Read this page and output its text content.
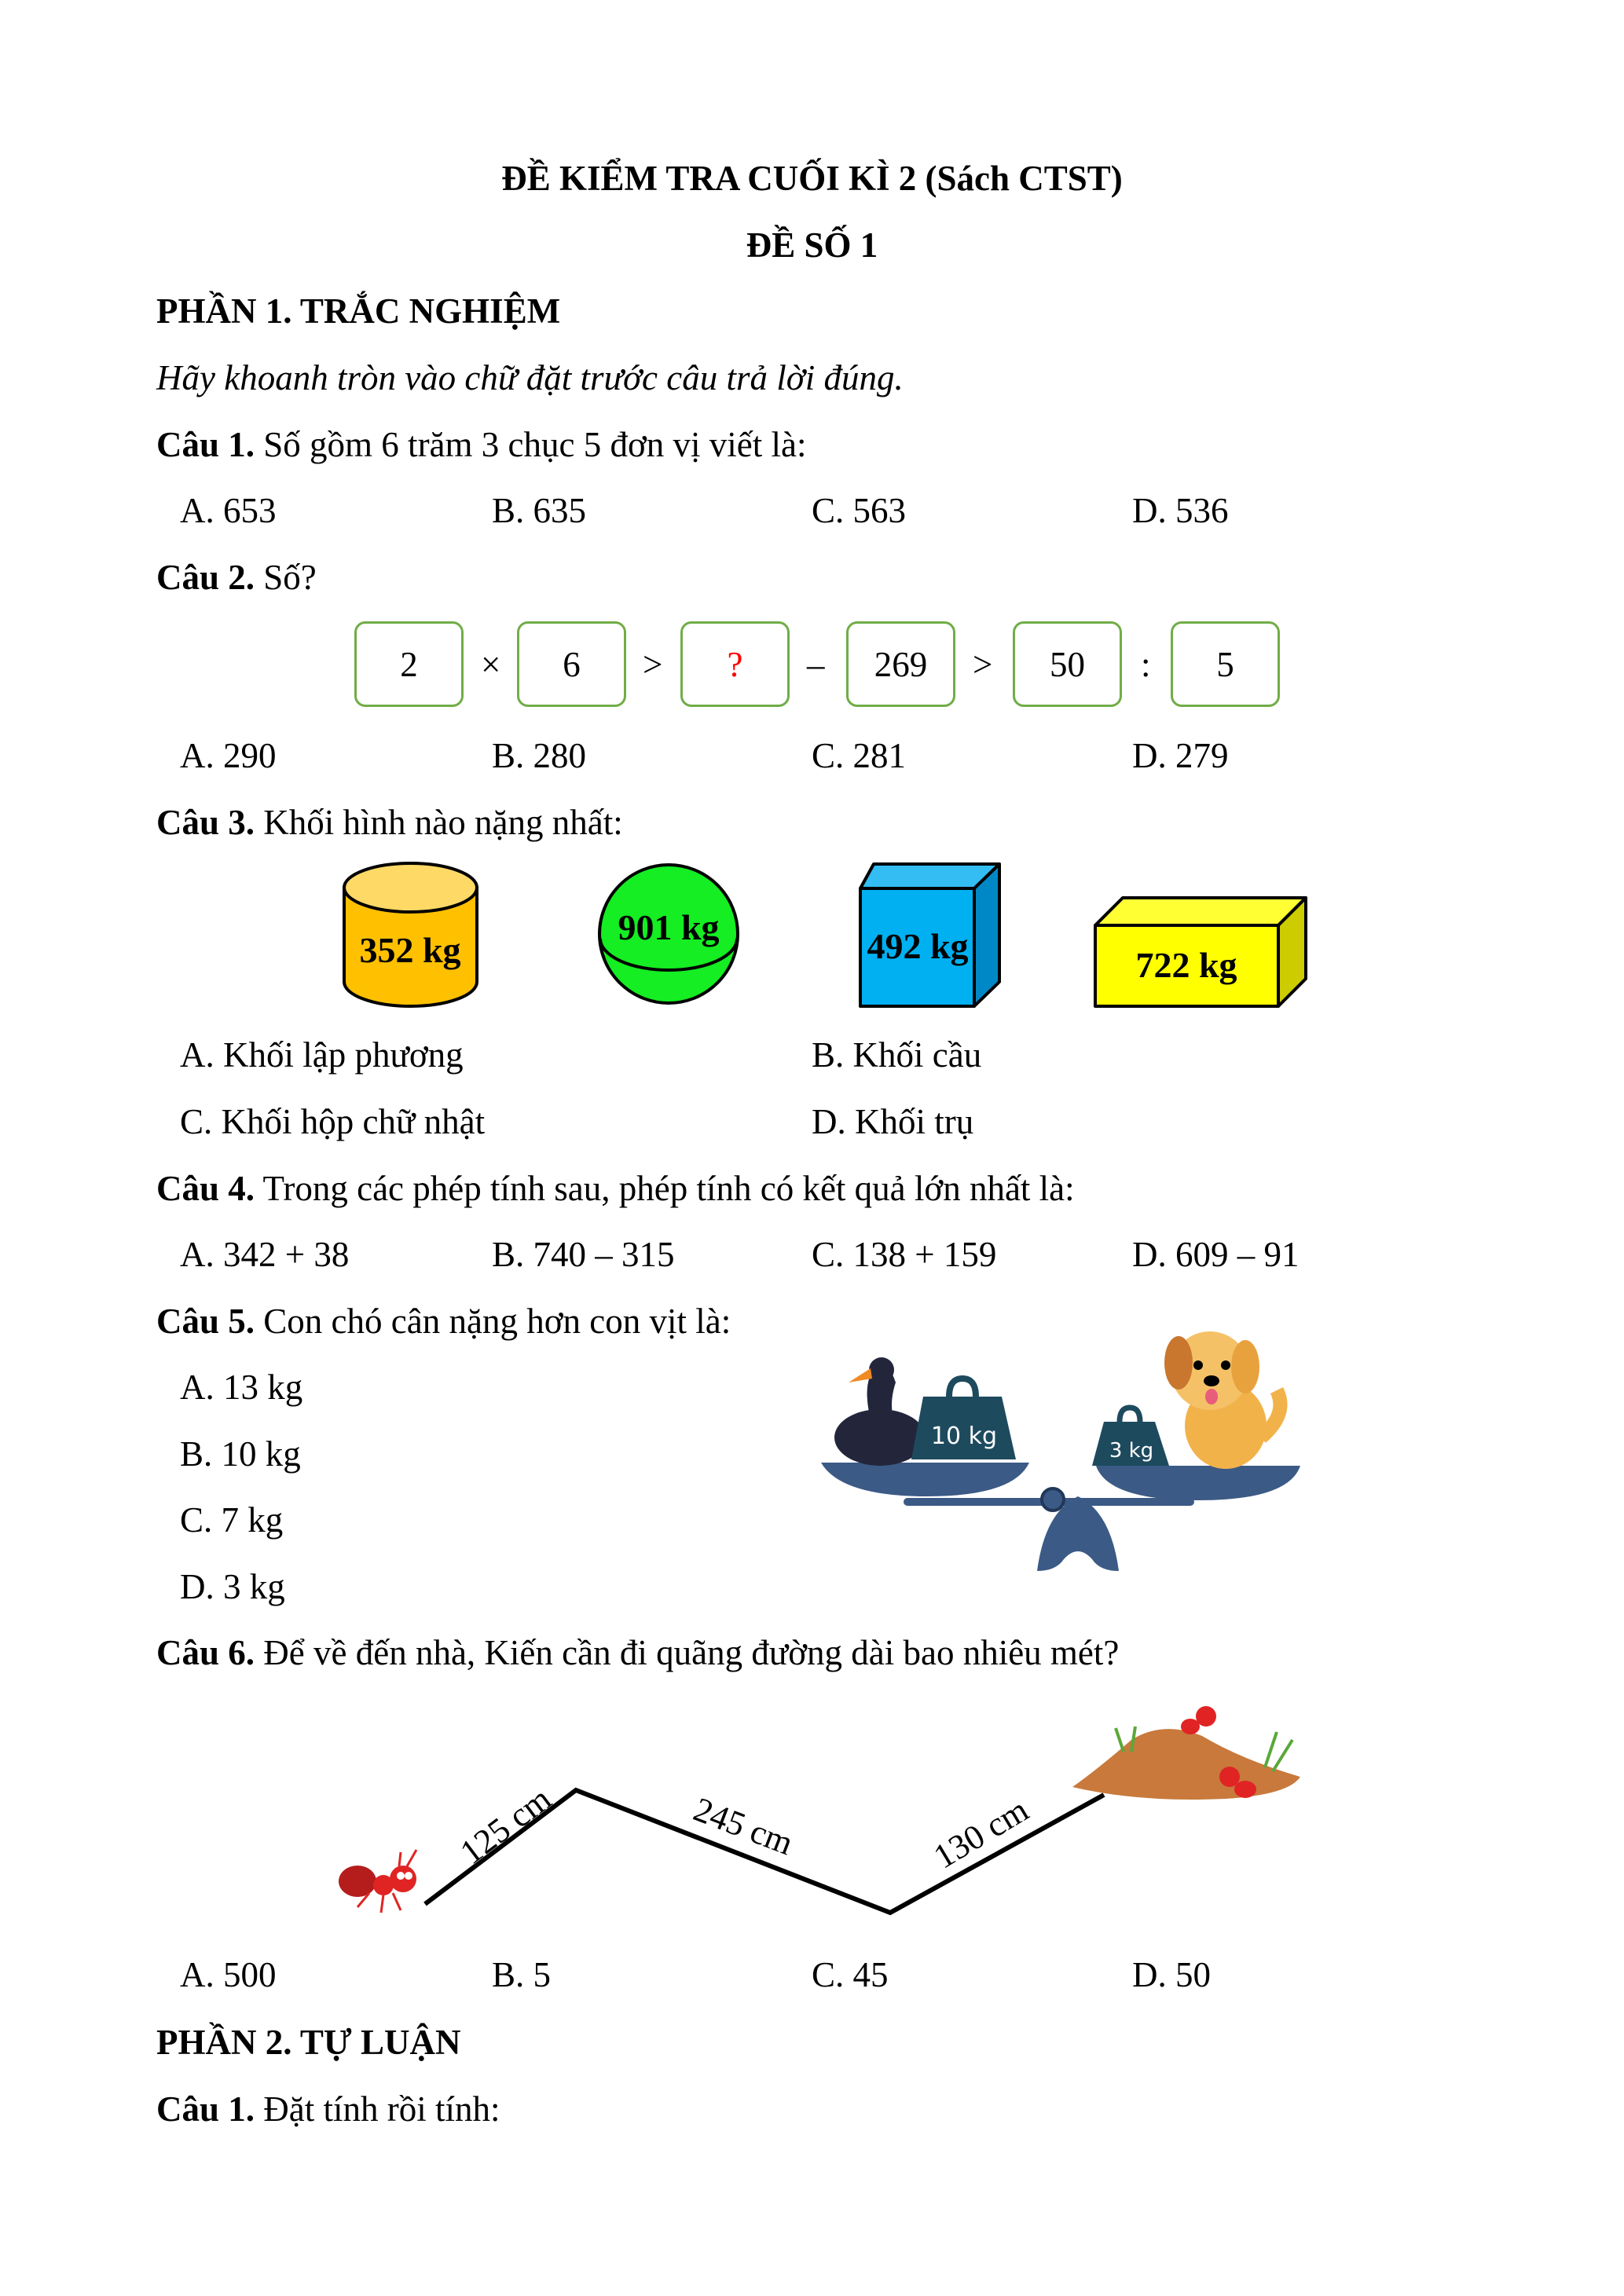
352 kg
901 kg	492 kg	722 kg
10 kg
3 kg
125 cm	245 cm	130 cm
ĐỀ KIỂM TRA CUỐI KÌ 2 (Sách CTST)
ĐỀ SỐ 1
PHẦN 1. TRẮC NGHIỆM
Hãy khoanh tròn vào chữ đặt trước câu trả lời đúng.
Câu 1. Số gồm 6 trăm 3 chục 5 đơn vị viết là:
A. 653	B. 635	C. 563	D. 536
Câu 2. Số?
2	×	6	>	?	–	269	>	50	:	5
A. 290	B. 280	C. 281	D. 279
Câu 3. Khối hình nào nặng nhất:
A. Khối lập phương	B. Khối cầu
C. Khối hộp chữ nhật	D. Khối trụ
Câu 4. Trong các phép tính sau, phép tính có kết quả lớn nhất là:
A. 342 + 38	B. 740 – 315	C. 138 + 159	D. 609 – 91
Câu 5. Con chó cân nặng hơn con vịt là:
A. 13 kg
B. 10 kg
C. 7 kg
D. 3 kg
Câu 6. Để về đến nhà, Kiến cần đi quãng đường dài bao nhiêu mét?
A. 500	B. 5	C. 45	D. 50
PHẦN 2. TỰ LUẬN
Câu 1. Đặt tính rồi tính:
